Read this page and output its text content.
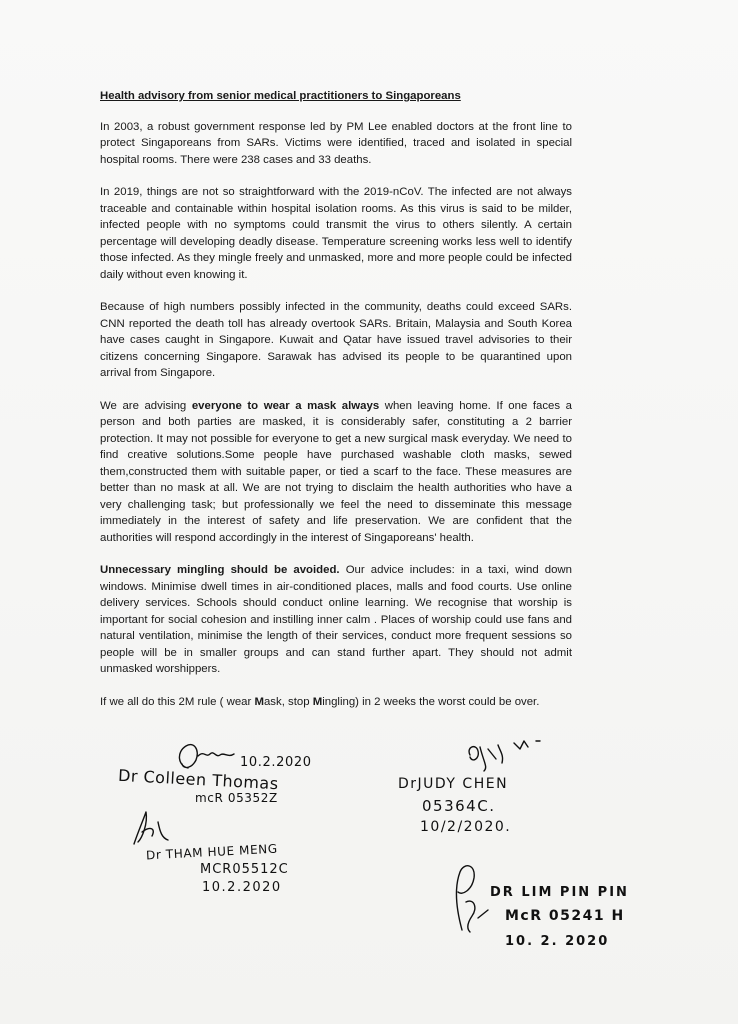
Health advisory from senior medical practitioners to Singaporeans

In 2003, a robust government response led by PM Lee enabled doctors at the front line to protect Singaporeans from SARs. Victims were identified, traced and isolated in special hospital rooms. There were 238 cases and 33 deaths.

In 2019, things are not so straightforward with the 2019-nCoV. The infected are not always traceable and containable within hospital isolation rooms. As this virus is said to be milder, infected people with no symptoms could transmit the virus to others silently. A certain percentage will developing deadly disease. Temperature screening works less well to identify those infected. As they mingle freely and unmasked, more and more people could be infected daily without even knowing it.

Because of high numbers possibly infected in the community, deaths could exceed SARs. CNN reported the death toll has already overtook SARs. Britain, Malaysia and South Korea have cases caught in Singapore. Kuwait and Qatar have issued travel advisories to their citizens concerning Singapore. Sarawak has advised its people to be quarantined upon arrival from Singapore.

We are advising everyone to wear a mask always when leaving home. If one faces a person and both parties are masked, it is considerably safer, constituting a 2 barrier protection. It may not possible for everyone to get a new surgical mask everyday. We need to find creative solutions.Some people have purchased washable cloth masks, sewed them,constructed them with suitable paper, or tied a scarf to the face. These measures are better than no mask at all. We are not trying to disclaim the health authorities who have a very challenging task; but professionally we feel the need to disseminate this message immediately in the interest of safety and life preservation. We are confident that the authorities will respond accordingly in the interest of Singaporeans' health.

Unnecessary mingling should be avoided. Our advice includes: in a taxi, wind down windows. Minimise dwell times in air-conditioned places, malls and food courts. Use online delivery services. Schools should conduct online learning. We recognise that worship is important for social cohesion and instilling inner calm . Places of worship could use fans and natural ventilation, minimise the length of their services, conduct more frequent sessions so people will be in smaller groups and can stand further apart. They should not admit unmasked worshippers.

If we all do this 2M rule ( wear Mask, stop Mingling) in 2 weeks the worst could be over.

10.2.2020
Dr Colleen Thomas
mcR 05352Z
DrJUDY CHEN
05364C.
10/2/2020.
Dr THAM HUE MENG
MCR05512C
10.2.2020	DR LIM PIN PIN
McR 05241 H
10. 2. 2020
